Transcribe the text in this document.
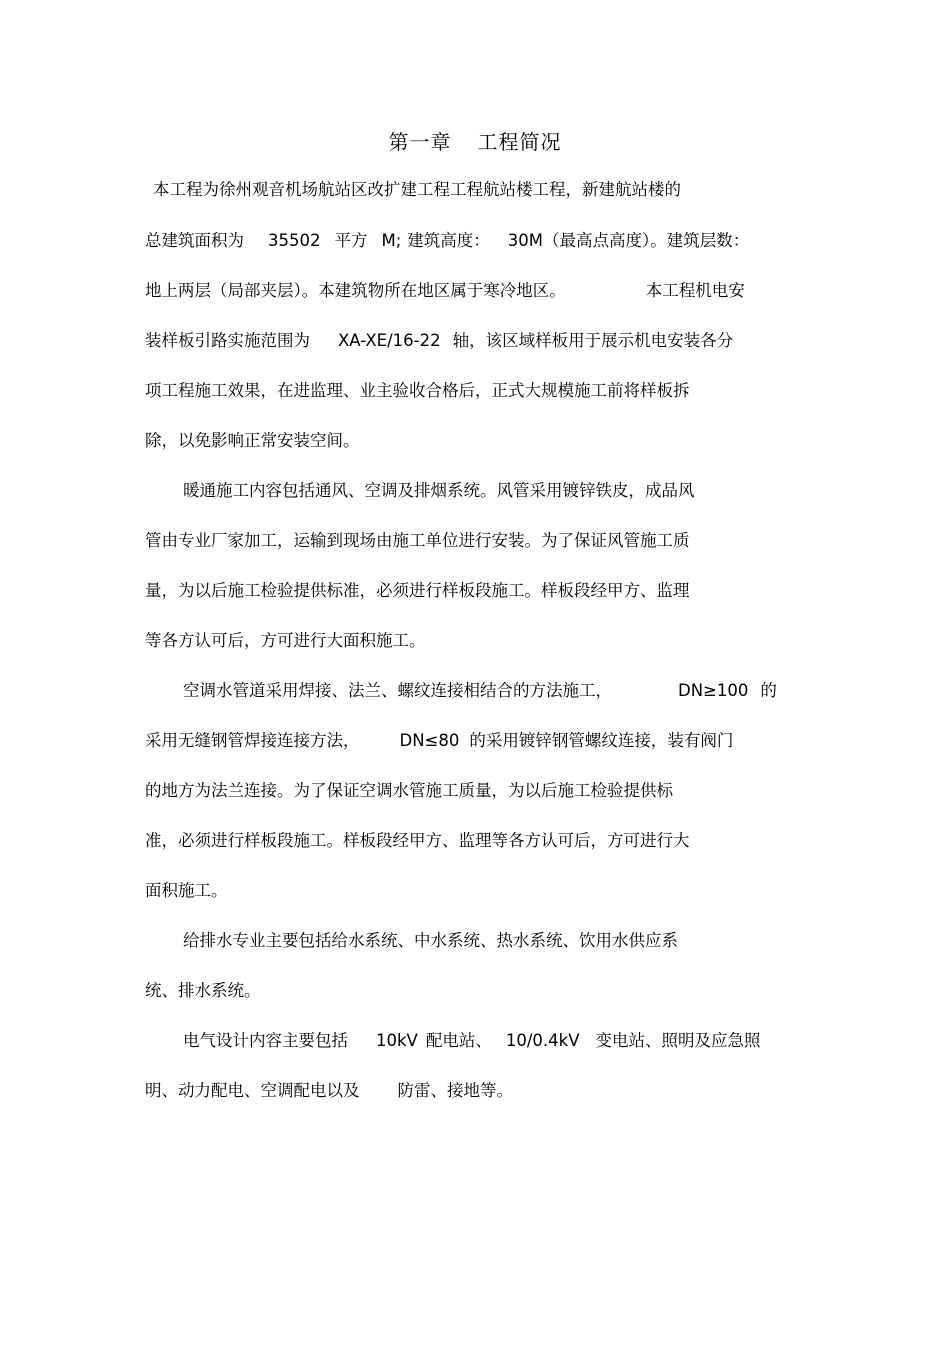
第一章 工程简况
本工程为徐州观音机场航站区改扩建工程工程航站楼工程，新建航站楼的
总建筑面积为 35502 平方 M; 建筑高度： 30M（最高点高度）。建筑层数：
地上两层（局部夹层）。本建筑物所在地区属于寒冷地区。	本工程机电安
装样板引路实施范围为 XA-XE/16-22 轴，该区域样板用于展示机电安装各分
项工程施工效果，在进监理、业主验收合格后，正式大规模施工前将样板拆
除，以免影响正常安装空间。
暖通施工内容包括通风、空调及排烟系统。风管采用镀锌铁皮，成品风
管由专业厂家加工，运输到现场由施工单位进行安装。为了保证风管施工质
量，为以后施工检验提供标准，必须进行样板段施工。样板段经甲方、监理
等各方认可后，方可进行大面积施工。
空调水管道采用焊接、法兰、螺纹连接相结合的方法施工，	DN≥100 的
采用无缝钢管焊接连接方法， DN≤80 的采用镀锌钢管螺纹连接，装有阀门
的地方为法兰连接。为了保证空调水管施工质量，为以后施工检验提供标
准，必须进行样板段施工。样板段经甲方、监理等各方认可后，方可进行大
面积施工。
给排水专业主要包括给水系统、中水系统、热水系统、饮用水供应系
统、排水系统。
电气设计内容主要包括 10kV 配电站、 10/0.4kV 变电站、照明及应急照
明、动力配电、空调配电以及 防雷、接地等。
